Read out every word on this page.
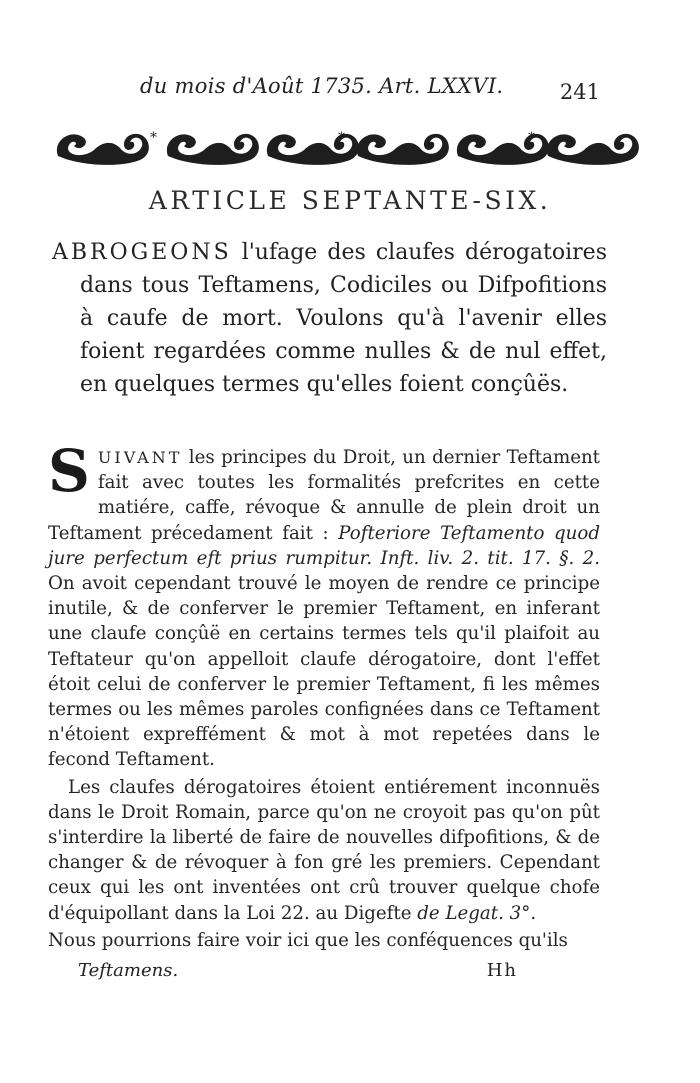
du mois d'Août 1735. Art. LXXVI.	241
*	*	*
ARTICLE SEPTANTE-SIX.

ABROGEONS l'ufage des claufes dérogatoires dans tous Teftamens, Codiciles ou Difpofitions à caufe de mort. Voulons qu'à l'avenir elles foient regardées comme nulles & de nul effet, en quelques termes qu'elles foient conçûës.

SUIVANT les principes du Droit, un dernier Teftament fait avec toutes les formalités prefcrites en cette matiére, caffe, révoque & annulle de plein droit un Teftament précedament fait : Pofteriore Teftamento quod jure perfectum eft prius rumpitur. Inft. liv. 2. tit. 17. §. 2. On avoit cependant trouvé le moyen de rendre ce principe inutile, & de conferver le premier Teftament, en inferant une claufe conçûë en certains termes tels qu'il plaifoit au Teftateur qu'on appelloit claufe dérogatoire, dont l'effet étoit celui de conferver le premier Teftament, fi les mêmes termes ou les mêmes paroles confignées dans ce Teftament n'étoient expreffément & mot à mot repetées dans le fecond Teftament.

Les claufes dérogatoires étoient entiérement inconnuës dans le Droit Romain, parce qu'on ne croyoit pas qu'on pût s'interdire la liberté de faire de nouvelles difpofitions, & de changer & de révoquer à fon gré les premiers. Cependant ceux qui les ont inventées ont crû trouver quelque chofe d'équipollant dans la Loi 22. au Digefte de Legat. 3°.

Nous pourrions faire voir ici que les conféquences qu'ils

Teftamens.	Hh
